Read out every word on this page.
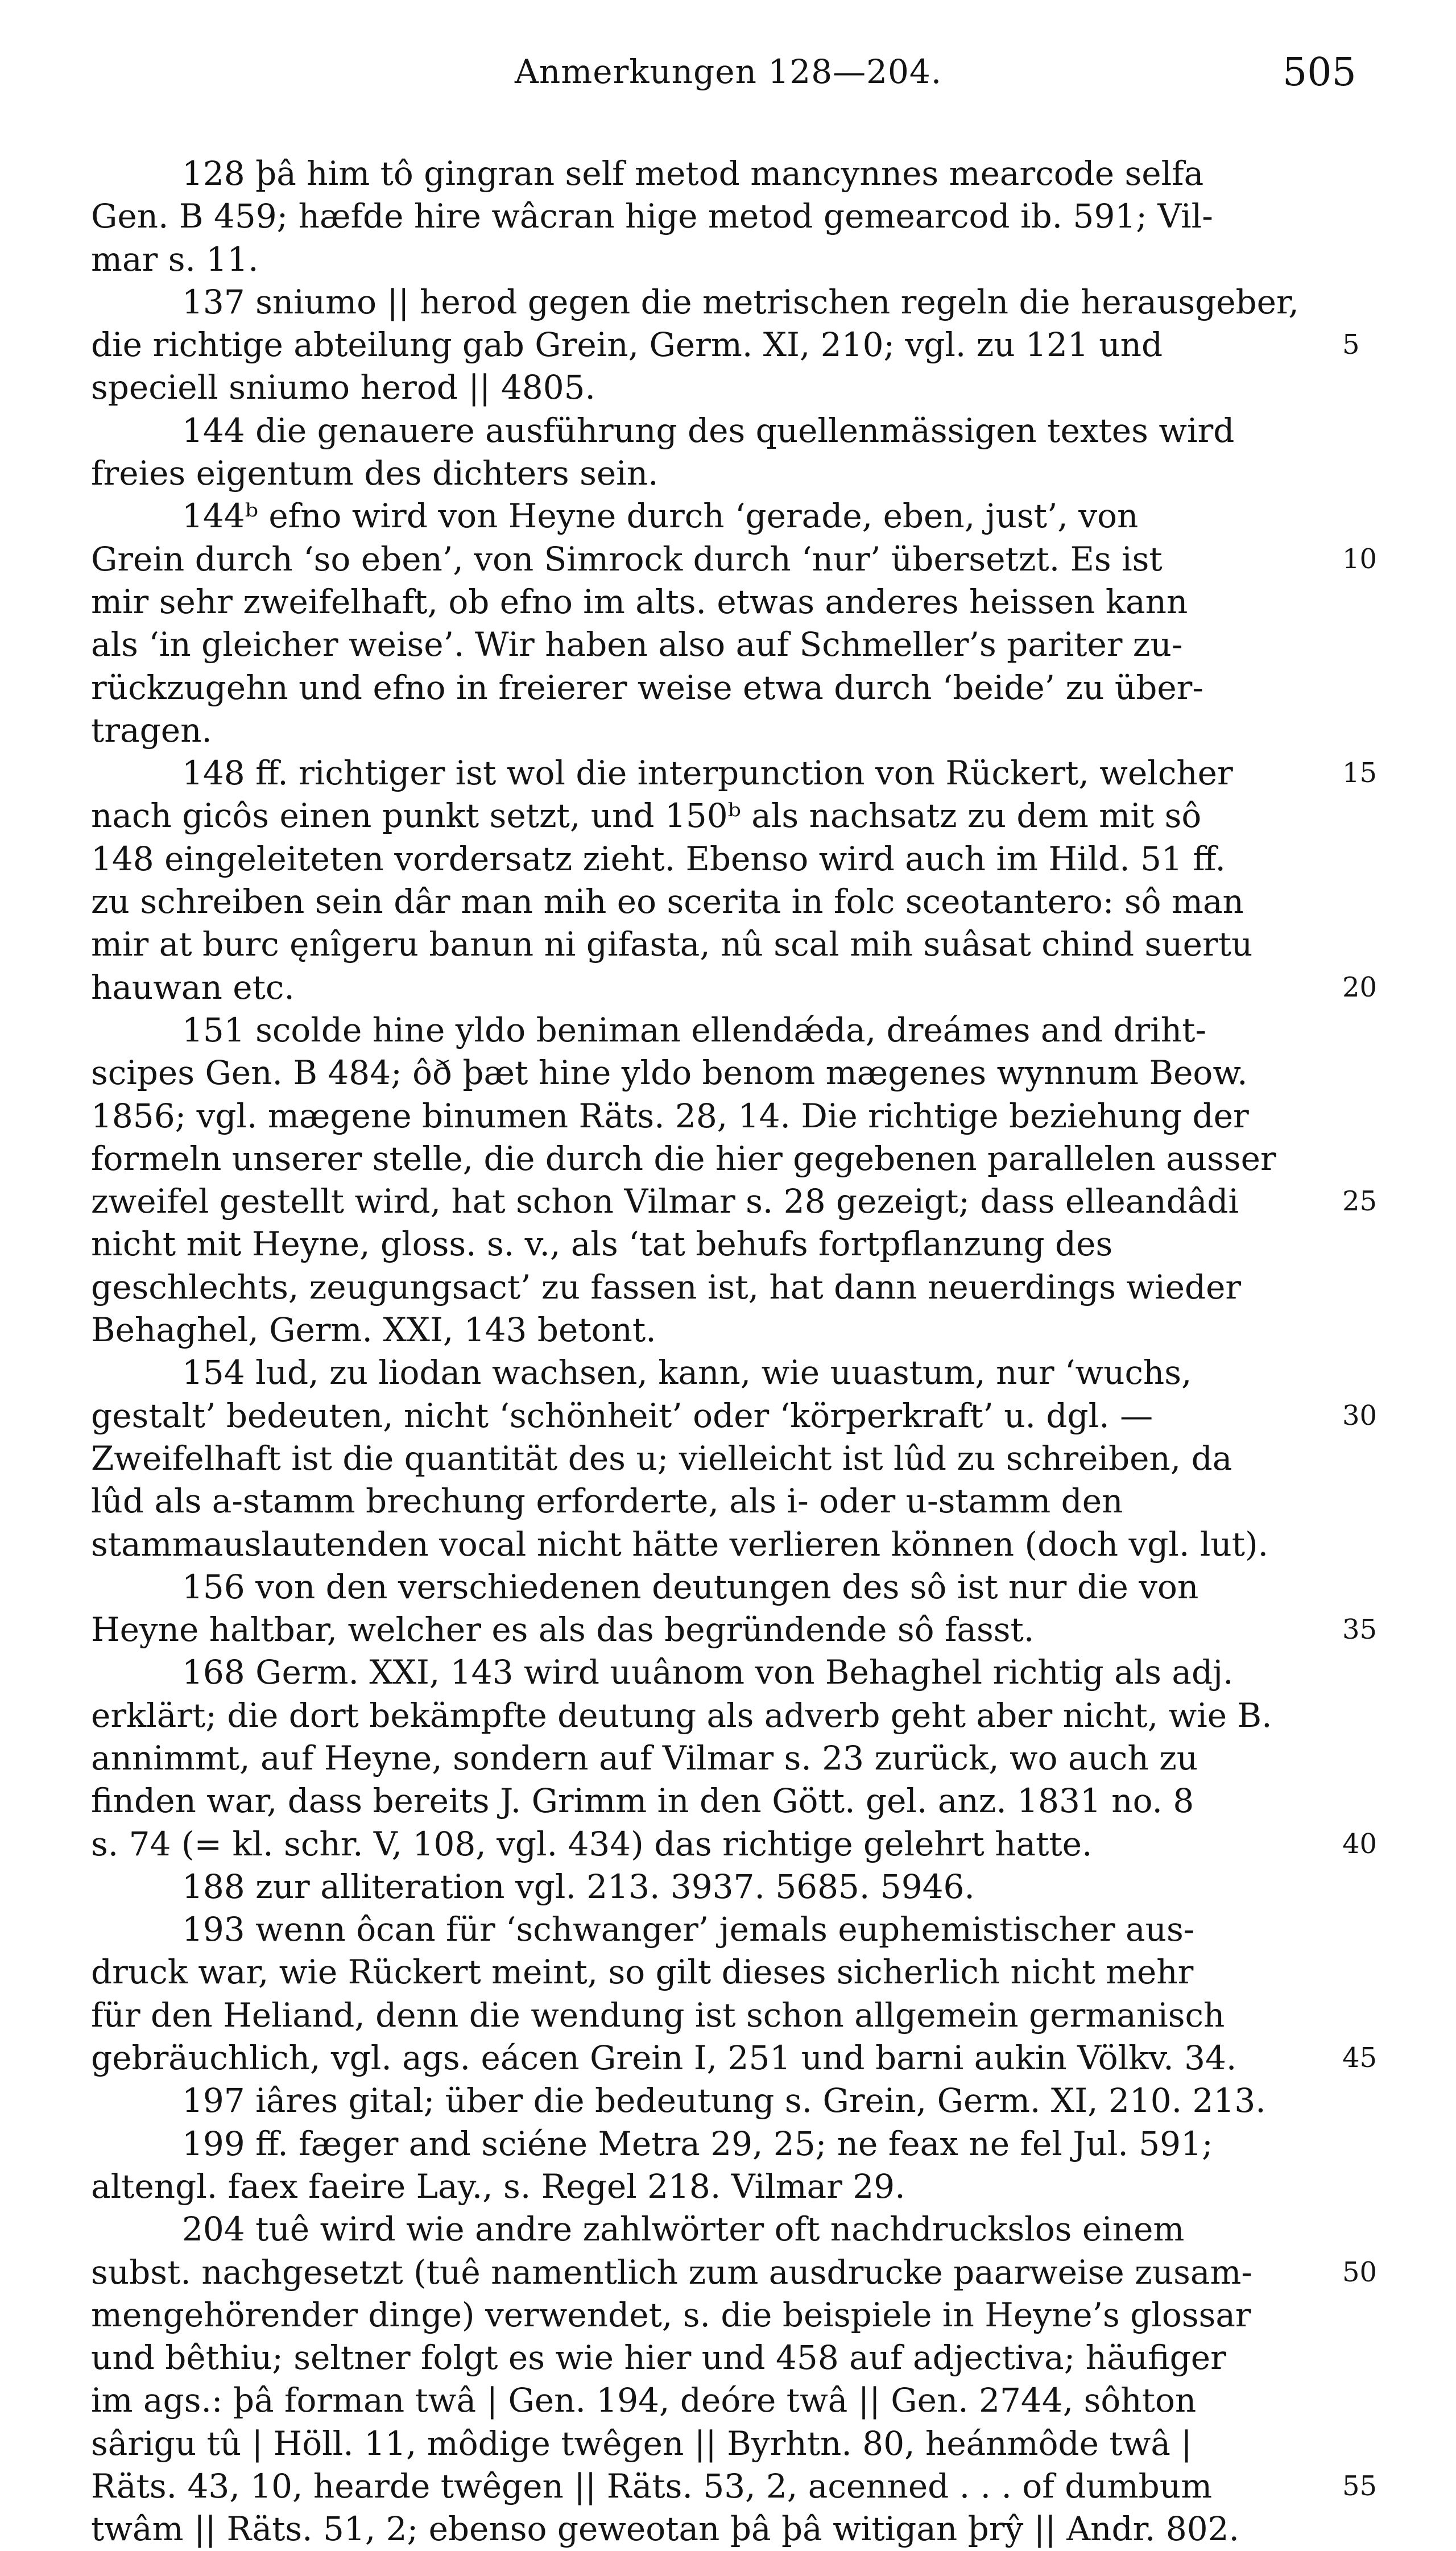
Anmerkungen 128—204.	505
128 þâ him tô gingran self metod mancynnes mearcode selfa
Gen. B 459; hæfde hire wâcran hige metod gemearcod ib. 591; Vil-
mar s. 11.
137 sniumo || herod gegen die metrischen regeln die herausgeber,
die richtige abteilung gab Grein, Germ. XI, 210; vgl. zu 121 und
speciell sniumo herod || 4805.
144 die genauere ausführung des quellenmässigen textes wird
freies eigentum des dichters sein.
144ᵇ efno wird von Heyne durch ‘gerade, eben, just’, von
Grein durch ‘so eben’, von Simrock durch ‘nur’ übersetzt. Es ist
mir sehr zweifelhaft, ob efno im alts. etwas anderes heissen kann
als ‘in gleicher weise’. Wir haben also auf Schmeller’s pariter zu-
rückzugehn und efno in freierer weise etwa durch ‘beide’ zu über-
tragen.
148 ff. richtiger ist wol die interpunction von Rückert, welcher
nach gicôs einen punkt setzt, und 150ᵇ als nachsatz zu dem mit sô
148 eingeleiteten vordersatz zieht. Ebenso wird auch im Hild. 51 ff.
zu schreiben sein dâr man mih eo scerita in folc sceotantero: sô man
mir at burc ęnîgeru banun ni gifasta, nû scal mih suâsat chind suertu
hauwan etc.
151 scolde hine yldo beniman ellendǽda, dreámes and driht-
scipes Gen. B 484; ôð þæt hine yldo benom mægenes wynnum Beow.
1856; vgl. mægene binumen Räts. 28, 14. Die richtige beziehung der
formeln unserer stelle, die durch die hier gegebenen parallelen ausser
zweifel gestellt wird, hat schon Vilmar s. 28 gezeigt; dass elleandâdi
nicht mit Heyne, gloss. s. v., als ‘tat behufs fortpflanzung des
geschlechts, zeugungsact’ zu fassen ist, hat dann neuerdings wieder
Behaghel, Germ. XXI, 143 betont.
154 lud, zu liodan wachsen, kann, wie uuastum, nur ‘wuchs,
gestalt’ bedeuten, nicht ‘schönheit’ oder ‘körperkraft’ u. dgl. —
Zweifelhaft ist die quantität des u; vielleicht ist lûd zu schreiben, da
lûd als a-stamm brechung erforderte, als i- oder u-stamm den
stammauslautenden vocal nicht hätte verlieren können (doch vgl. lut).
156 von den verschiedenen deutungen des sô ist nur die von
Heyne haltbar, welcher es als das begründende sô fasst.
168 Germ. XXI, 143 wird uuânom von Behaghel richtig als adj.
erklärt; die dort bekämpfte deutung als adverb geht aber nicht, wie B.
annimmt, auf Heyne, sondern auf Vilmar s. 23 zurück, wo auch zu
finden war, dass bereits J. Grimm in den Gött. gel. anz. 1831 no. 8
s. 74 (= kl. schr. V, 108, vgl. 434) das richtige gelehrt hatte.
188 zur alliteration vgl. 213. 3937. 5685. 5946.
193 wenn ôcan für ‘schwanger’ jemals euphemistischer aus-
druck war, wie Rückert meint, so gilt dieses sicherlich nicht mehr
für den Heliand, denn die wendung ist schon allgemein germanisch
gebräuchlich, vgl. ags. eácen Grein I, 251 und barni aukin Völkv. 34.
197 iâres gital; über die bedeutung s. Grein, Germ. XI, 210. 213.
199 ff. fæger and sciéne Metra 29, 25; ne feax ne fel Jul. 591;
altengl. faex faeire Lay., s. Regel 218. Vilmar 29.
204 tuê wird wie andre zahlwörter oft nachdruckslos einem
subst. nachgesetzt (tuê namentlich zum ausdrucke paarweise zusam-
mengehörender dinge) verwendet, s. die beispiele in Heyne’s glossar
und bêthiu; seltner folgt es wie hier und 458 auf adjectiva; häufiger
im ags.: þâ forman twâ | Gen. 194, deóre twâ || Gen. 2744, sôhton
sârigu tû | Höll. 11, môdige twêgen || Byrhtn. 80, heánmôde twâ |
Räts. 43, 10, hearde twêgen || Räts. 53, 2, acenned . . . of dumbum
twâm || Räts. 51, 2; ebenso geweotan þâ þâ witigan þrŷ || Andr. 802.
5
10
15
20
25
30
35
40
45
50
55
